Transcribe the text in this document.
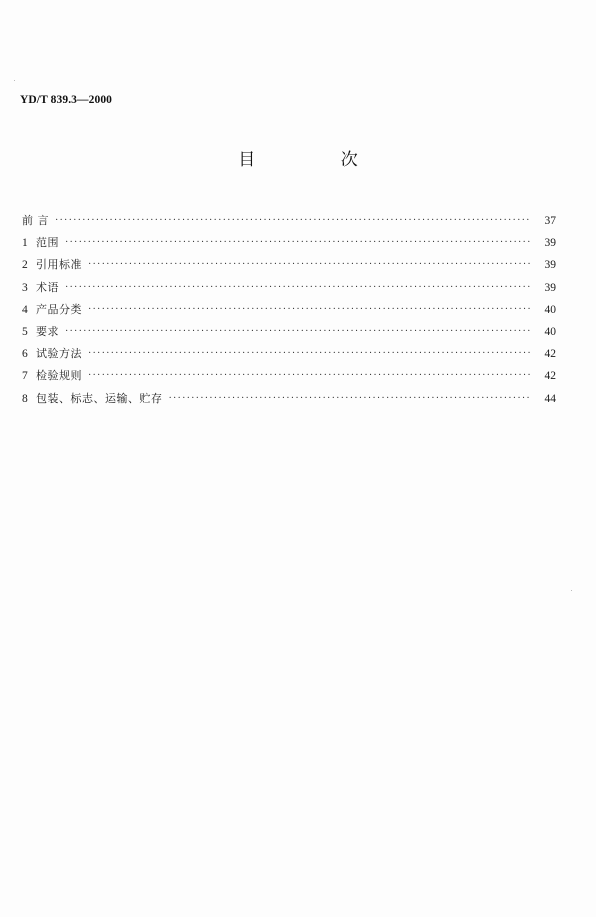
YD/T 839.3—2000
目 次
前 言 ·····	37
1 范围 ·····	39
2 引用标准 ·····	39
3 术语 ·····	39
4 产品分类 ·····	40
5 要求 ·····	40
6 试验方法 ·····	42
7 检验规则 ·····	42
8 包装、标志、运输、贮存 ·····	44
